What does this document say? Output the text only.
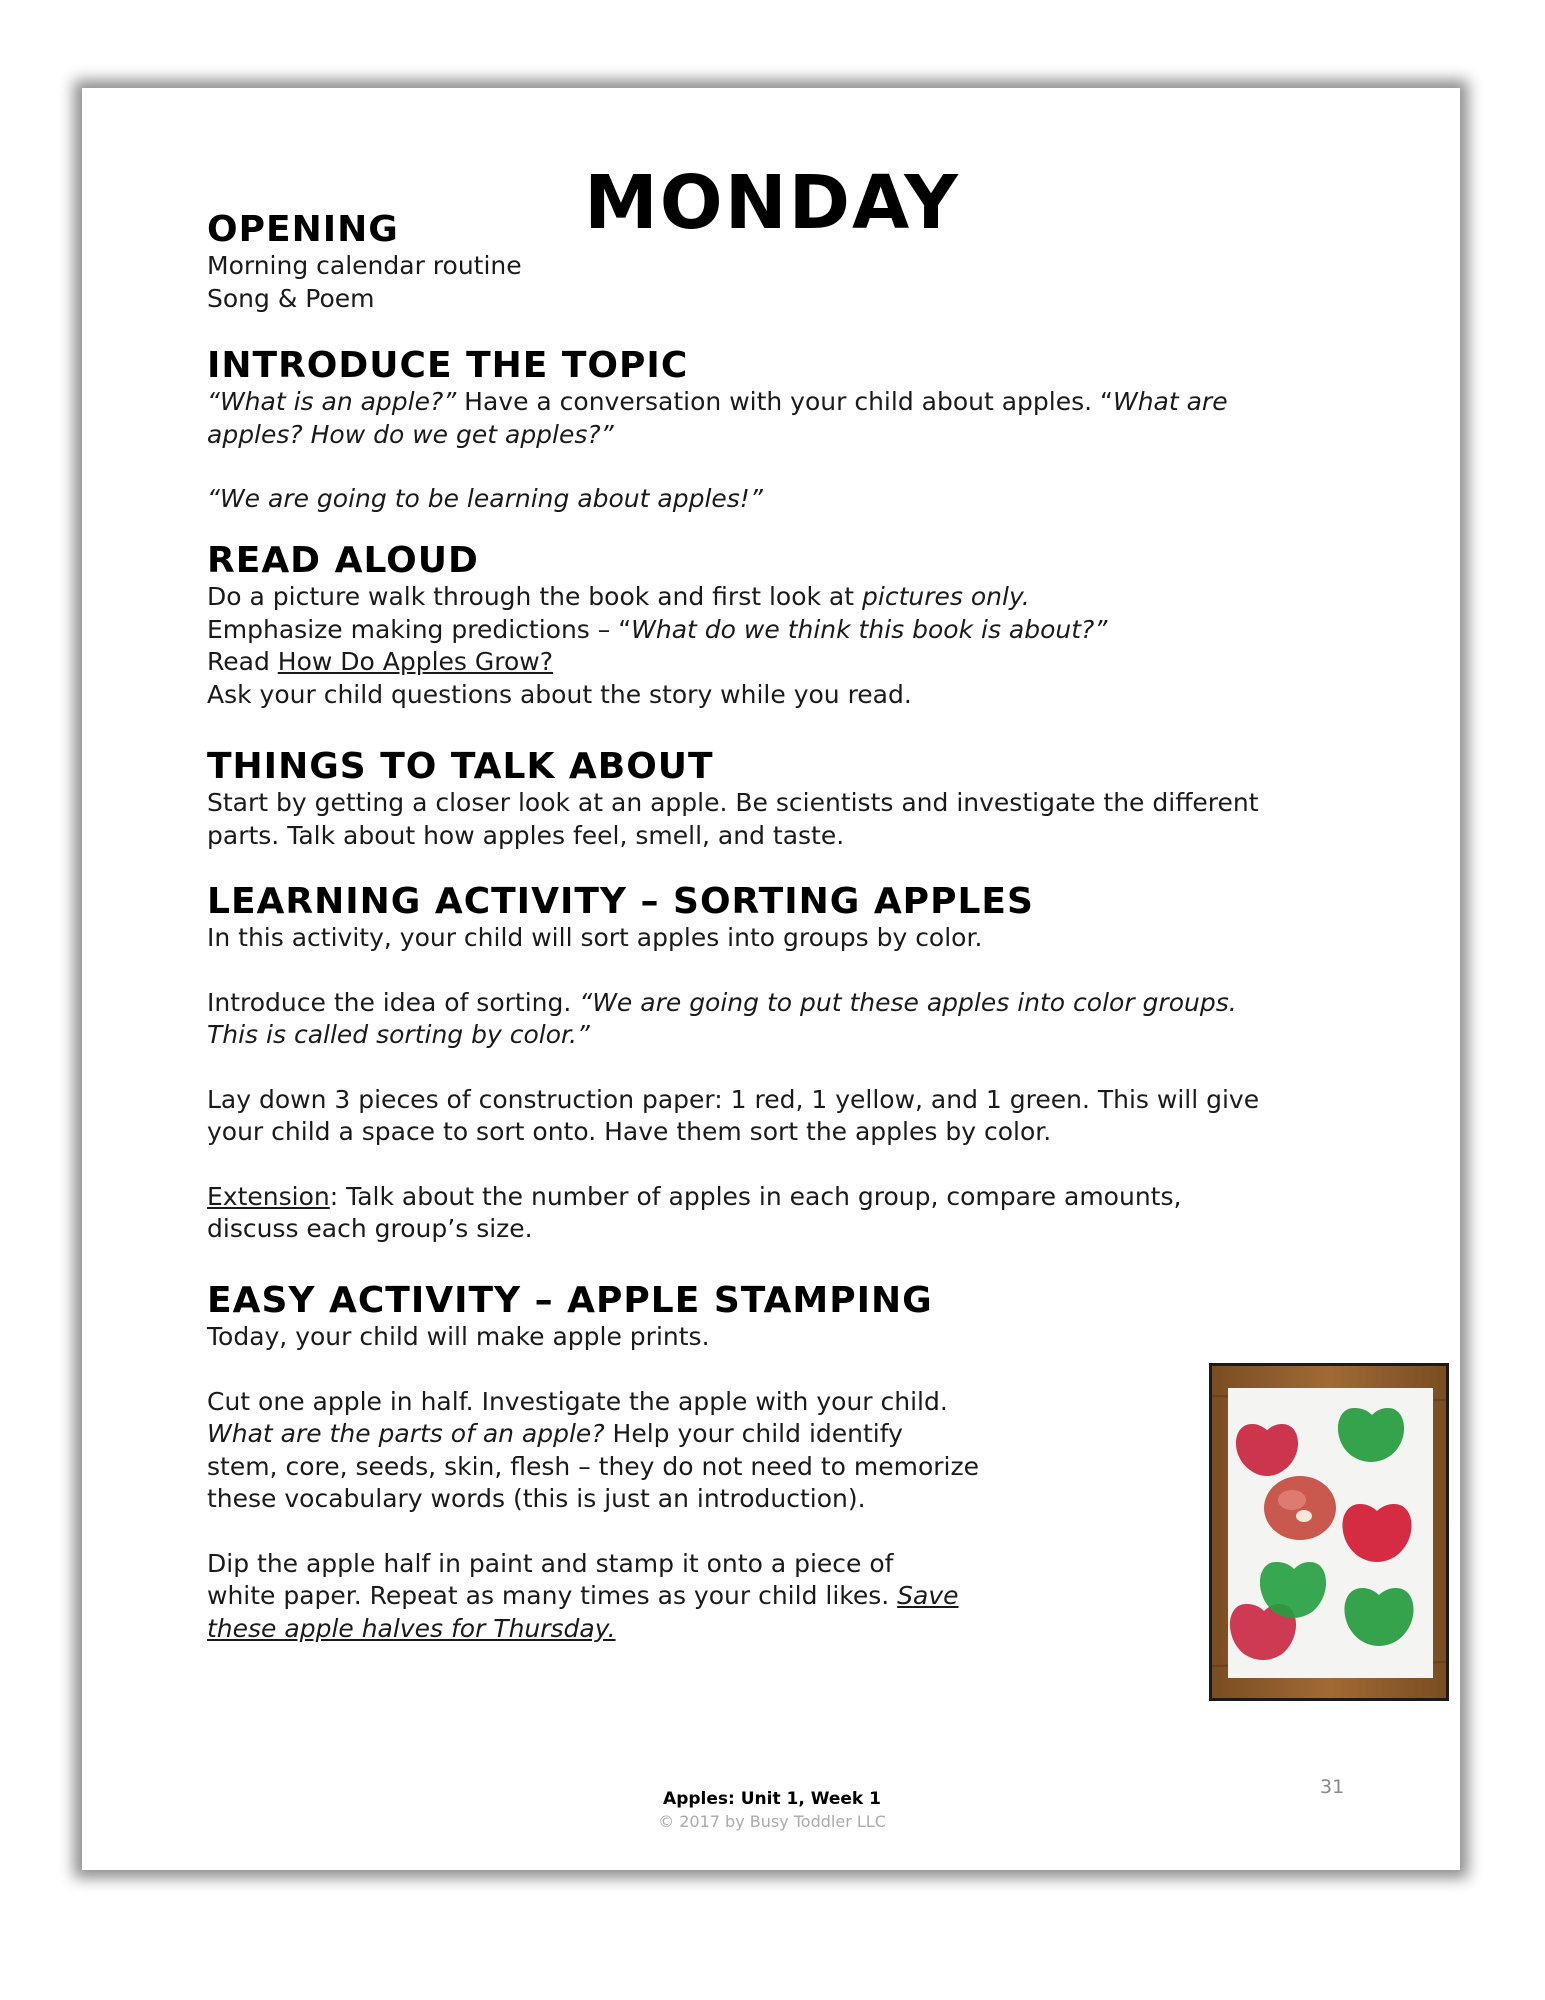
MONDAY
OPENING

Morning calendar routine

Song & Poem

INTRODUCE THE TOPIC

“What is an apple?” Have a conversation with your child about apples. “What are

apples? How do we get apples?”

“We are going to be learning about apples!”

READ ALOUD

Do a picture walk through the book and first look at pictures only.

Emphasize making predictions – “What do we think this book is about?”

Read How Do Apples Grow?

Ask your child questions about the story while you read.

THINGS TO TALK ABOUT

Start by getting a closer look at an apple. Be scientists and investigate the different

parts. Talk about how apples feel, smell, and taste.

LEARNING ACTIVITY – SORTING APPLES

In this activity, your child will sort apples into groups by color.

Introduce the idea of sorting. “We are going to put these apples into color groups.

This is called sorting by color.”

Lay down 3 pieces of construction paper: 1 red, 1 yellow, and 1 green. This will give

your child a space to sort onto. Have them sort the apples by color.

Extension: Talk about the number of apples in each group, compare amounts,

discuss each group’s size.

EASY ACTIVITY – APPLE STAMPING

Today, your child will make apple prints.

Cut one apple in half. Investigate the apple with your child.

What are the parts of an apple? Help your child identify

stem, core, seeds, skin, flesh – they do not need to memorize

these vocabulary words (this is just an introduction).

Dip the apple half in paint and stamp it onto a piece of

white paper. Repeat as many times as your child likes. Save

these apple halves for Thursday.

Apples: Unit 1, Week 1
© 2017 by Busy Toddler LLC
31
